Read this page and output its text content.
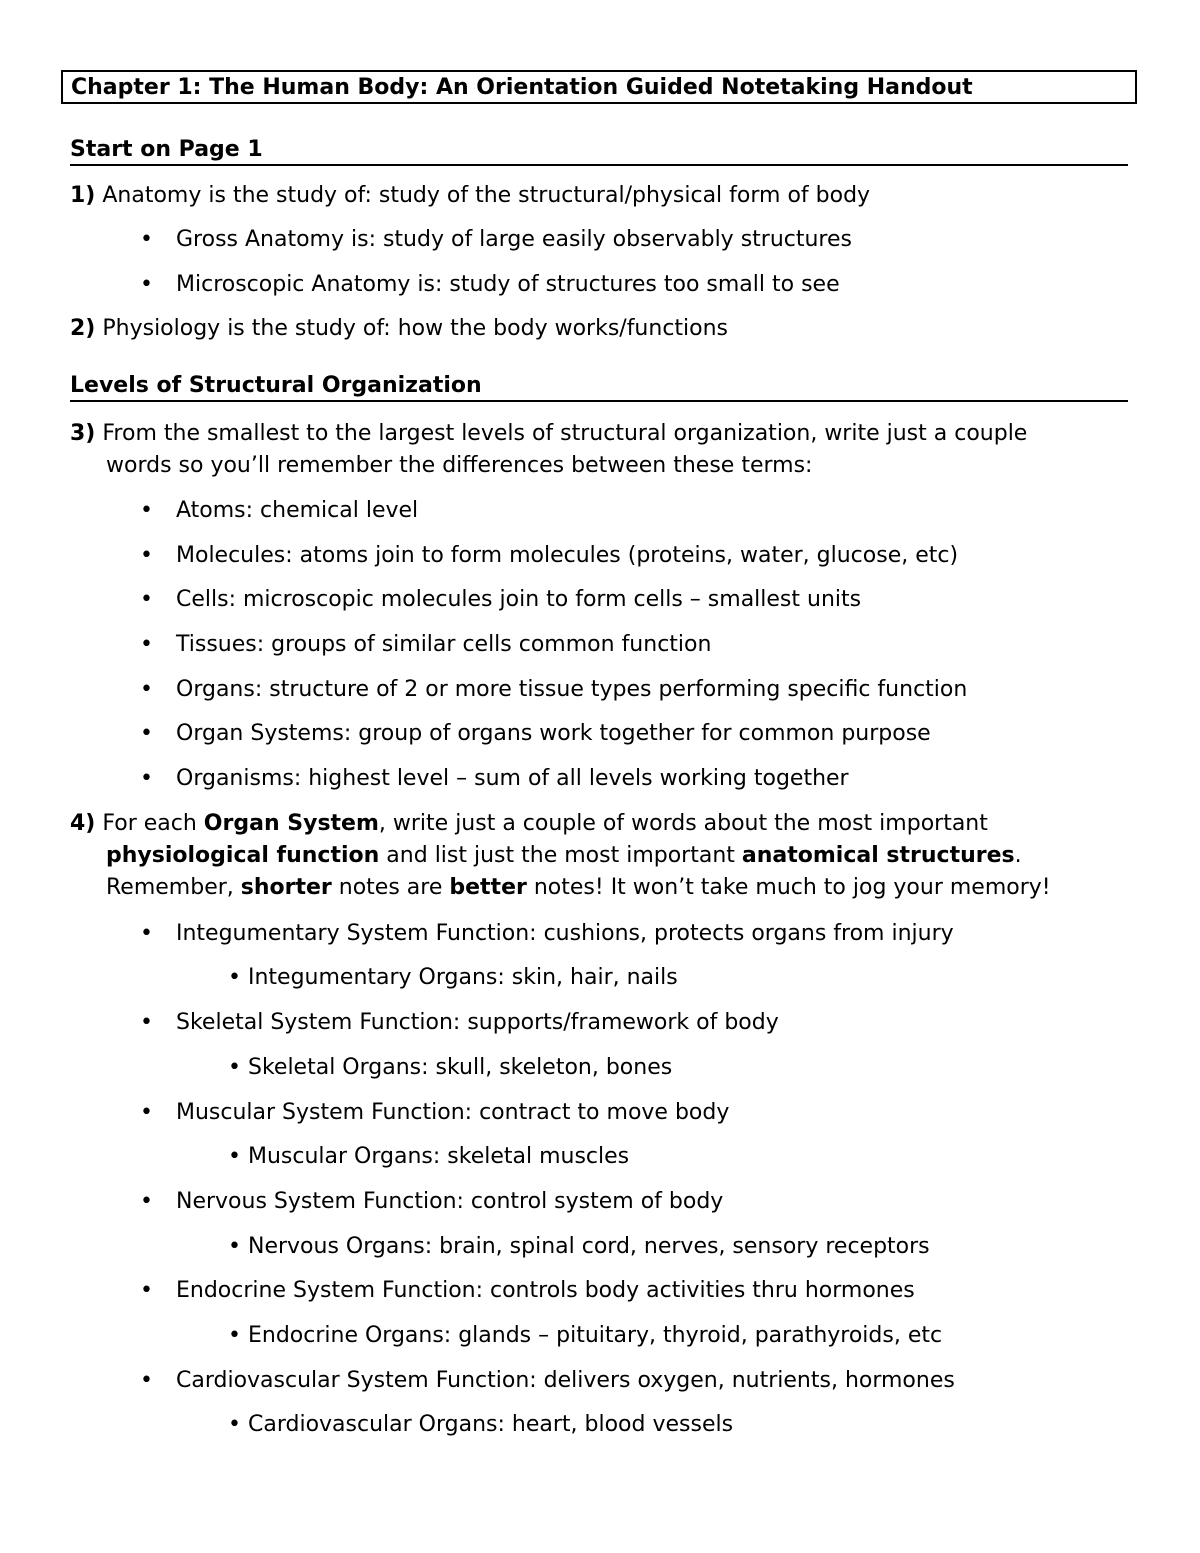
Chapter 1: The Human Body: An Orientation Guided Notetaking Handout
Start on Page 1
1) Anatomy is the study of: study of the structural/physical form of body
• Gross Anatomy is: study of large easily observably structures
• Microscopic Anatomy is: study of structures too small to see
2) Physiology is the study of: how the body works/functions
Levels of Structural Organization
3) From the smallest to the largest levels of structural organization, write just a couple
words so you’ll remember the differences between these terms:
• Atoms: chemical level
• Molecules: atoms join to form molecules (proteins, water, glucose, etc)
• Cells: microscopic molecules join to form cells – smallest units
• Tissues: groups of similar cells common function
• Organs: structure of 2 or more tissue types performing specific function
• Organ Systems: group of organs work together for common purpose
• Organisms: highest level – sum of all levels working together
4) For each Organ System, write just a couple of words about the most important
physiological function and list just the most important anatomical structures.
Remember, shorter notes are better notes! It won’t take much to jog your memory!
• Integumentary System Function: cushions, protects organs from injury
• Integumentary Organs: skin, hair, nails
• Skeletal System Function: supports/framework of body
• Skeletal Organs: skull, skeleton, bones
• Muscular System Function: contract to move body
• Muscular Organs: skeletal muscles
• Nervous System Function: control system of body
• Nervous Organs: brain, spinal cord, nerves, sensory receptors
• Endocrine System Function: controls body activities thru hormones
• Endocrine Organs: glands – pituitary, thyroid, parathyroids, etc
• Cardiovascular System Function: delivers oxygen, nutrients, hormones
• Cardiovascular Organs: heart, blood vessels
